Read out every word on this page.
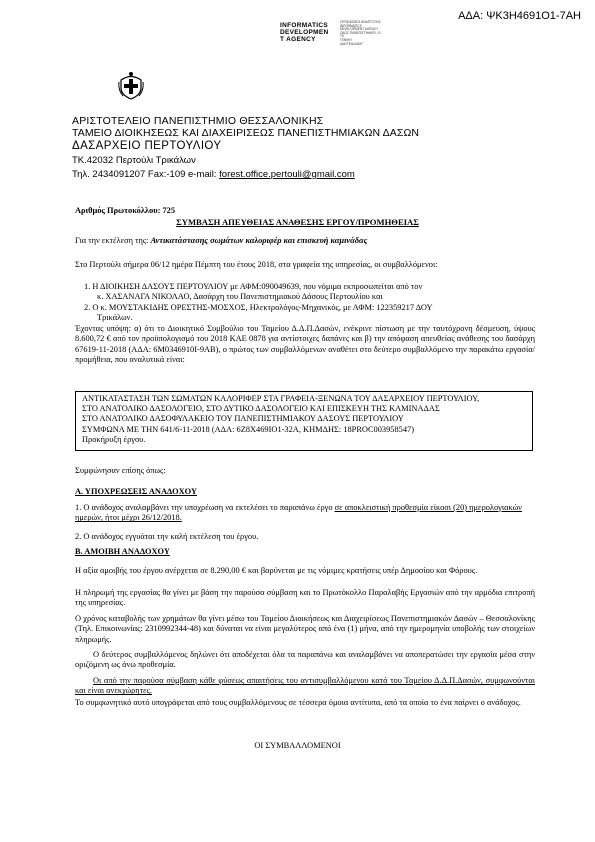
ΑΔΑ: ΨΚ3Η4691Ο1-7ΑΗ
INFORMATICS
DEVELOPMEN
T AGENCY
ΟΡΓΑΝΙΣΜΟΣ ΑΝΑΠΤΥΞΗΣ
INFORMATICS
DEVELOPMENT AGENCY
ΟΔΟΣ ΠΑΝΕΠΙΣΤΗΜΙΟΥ 10
ΤΚ
ΓΕΝΙΚΗ
ΔΙΑΥΓΕΙΑ ΔΙΑΥΓ
ΑΡΙΣΤΟΤΕΛΕΙΟ ΠΑΝΕΠΙΣΤΗΜΙΟ ΘΕΣΣΑΛΟΝΙΚΗΣ
ΤΑΜΕΙΟ ΔΙΟΙΚΗΣΕΩΣ ΚΑΙ ΔΙΑΧΕΙΡΙΣΕΩΣ ΠΑΝΕΠΙΣΤΗΜΙΑΚΩΝ ΔΑΣΩΝ
ΔΑΣΑΡΧΕΙΟ ΠΕΡΤΟΥΛΙΟΥ
ΤΚ.42032 Περτούλι Τρικάλων
Τηλ. 2434091207 Fax:-109 e-mail: forest.office.pertouli@gmail.com
Αριθμός Πρωτοκόλλου: 725
ΣΥΜΒΑΣΗ ΑΠΕΥΘΕΙΑΣ ΑΝΑΘΕΣΗΣ ΕΡΓΟΥ/ΠΡΟΜΗΘΕΙΑΣ
Για την εκτέλεση της: Αντικατάστασης σωμάτων καλοριφέρ και επισκευή καμινάδας
Στο Περτούλι σήμερα 06/12 ημέρα Πέμπτη του έτους 2018, στα γραφεία της υπηρεσίας, οι συμβαλλόμενοι:
1. Η ΔΙΟΙΚΗΣΗ ΔΑΣΟΥΣ ΠΕΡΤΟΥΛΙΟΥ με ΑΦΜ:090049639, που νόμιμα εκπροσωπείται από τον
κ. ΧΑΣΑΝΑΓΑ ΝΙΚΟΛΑΟ, Δασάρχη του Πανεπιστημιακού Δάσους Περτουλίου και
2. Ο κ. ΜΟΥΣΤΑΚΙΔΗΣ ΟΡΕΣΤΗΣ-ΜΟΣΧΟΣ, Ηλεκτρολόγος-Μηχανικός, με ΑΦΜ: 122359217 ΔΟΥ
Τρικάλων.
Έχοντας υπόψη: α) ότι το Διοικητικό Συμβούλιο του Ταμείου Δ.Δ.Π.Δασών, ενέκρινε πίστωση με την ταυτόχρονη δέσμευση, ύψους 8.600,72 € από τον προϋπολογισμό του 2018 ΚΑΕ 0878 για αντίστοιχες δαπάνες και β) την απόφαση απευθείας ανάθεσης του δασάρχη 67619-11-2018 (ΑΔΑ: 6Μ0346910Ι-9ΑΒ), ο πρώτος των συμβαλλόμενων αναθέτει στο δεύτερο συμβαλλόμενο την παρακάτω εργασία/ προμήθεια, που αναλυτικά είναι:
ΑΝΤΙΚΑΤΑΣΤΑΣΗ ΤΩΝ ΣΩΜΑΤΩΝ ΚΑΛΟΡΙΦΕΡ ΣΤΑ ΓΡΑΦΕΙΑ-ΞΕΝΩΝΑ ΤΟΥ ΔΑΣΑΡΧΕΙΟΥ ΠΕΡΤΟΥΛΙΟΥ,
ΣΤΟ ΑΝΑΤΟΛΙΚΟ ΔΑΣΟΛΟΓΕΙΟ, ΣΤΟ ΔΥΤΙΚΟ ΔΑΣΟΛΟΓΕΙΟ ΚΑΙ ΕΠΙΣΚΕΥΗ ΤΗΣ ΚΑΜΙΝΑΔΑΣ
ΣΤΟ ΑΝΑΤΟΛΙΚΟ ΔΑΣΟΦΥΛΑΚΕΙΟ ΤΟΥ ΠΑΝΕΠΙΣΤΗΜΙΑΚΟΥ ΔΑΣΟΥΣ ΠΕΡΤΟΥΛΙΟΥ
ΣΥΜΦΩΝΑ ΜΕ ΤΗΝ 641/6-11-2018 (ΑΔΑ: 6Ζ8Χ469ΙΟ1-32Α, ΚΗΜΔΗΣ: 18PROC003958547)
Προκήρυξη έργου.
Συμφώνησαν επίσης όπως:
Α. ΥΠΟΧΡΕΩΣΕΙΣ ΑΝΑΔΟΧΟΥ
1. Ο ανάδοχος αναλαμβάνει την υποχρέωση να εκτελέσει το παραπάνω έργο σε αποκλειστική προθεσμία είκοσι (20) ημερολογιακών ημερών, ήτοι μέχρι 26/12/2018.
2. Ο ανάδοχος εγγυάται την καλή εκτέλεση του έργου.
Β. ΑΜΟΙΒΗ ΑΝΑΔΟΧΟΥ
Η αξία αμοιβής του έργου ανέρχεται σε 8.290,00 € και βαρύνεται με τις νόμιμες κρατήσεις υπέρ Δημοσίου και Φόρους.
Η πληρωμή της εργασίας θα γίνει με βάση την παρούσα σύμβαση και το Πρωτόκολλο Παραλαβής Εργασιών από την αρμόδια επιτροπή της υπηρεσίας.
Ο χρόνος καταβολής των χρημάτων θα γίνει μέσω του Ταμείου Διοικήσεως και Διαχειρίσεως Πανεπιστημιακών Δασών – Θεσσαλονίκης (Τηλ. Επικοινωνίας: 2310992344-48) και δύναται να είναι μεγαλύτερος από ένα (1) μήνα, από την ημερομηνία υποβολής των στοιχείων πληρωμής.
Ο δεύτερος συμβαλλόμενος δηλώνει ότι αποδέχεται όλα τα παραπάνω και αναλαμβάνει να αποπερατώσει την εργασία μέσα στην οριζόμενη ως άνω προθεσμία.
Οι από την παρούσα σύμβαση κάθε φύσεως απαιτήσεις του αντισυμβαλλόμενου κατά του Ταμείου Δ.Δ.Π.Δασών, συμφωνούνται και είναι ανεκχώρητες.
Το συμφωνητικό αυτό υπογράφεται από τους συμβαλλόμενους σε τέσσερα όμοια αντίτυπα, από τα οποία το ένα παίρνει ο ανάδοχος.
ΟΙ ΣΥΜΒΑΛΛΟΜΕΝΟΙ
